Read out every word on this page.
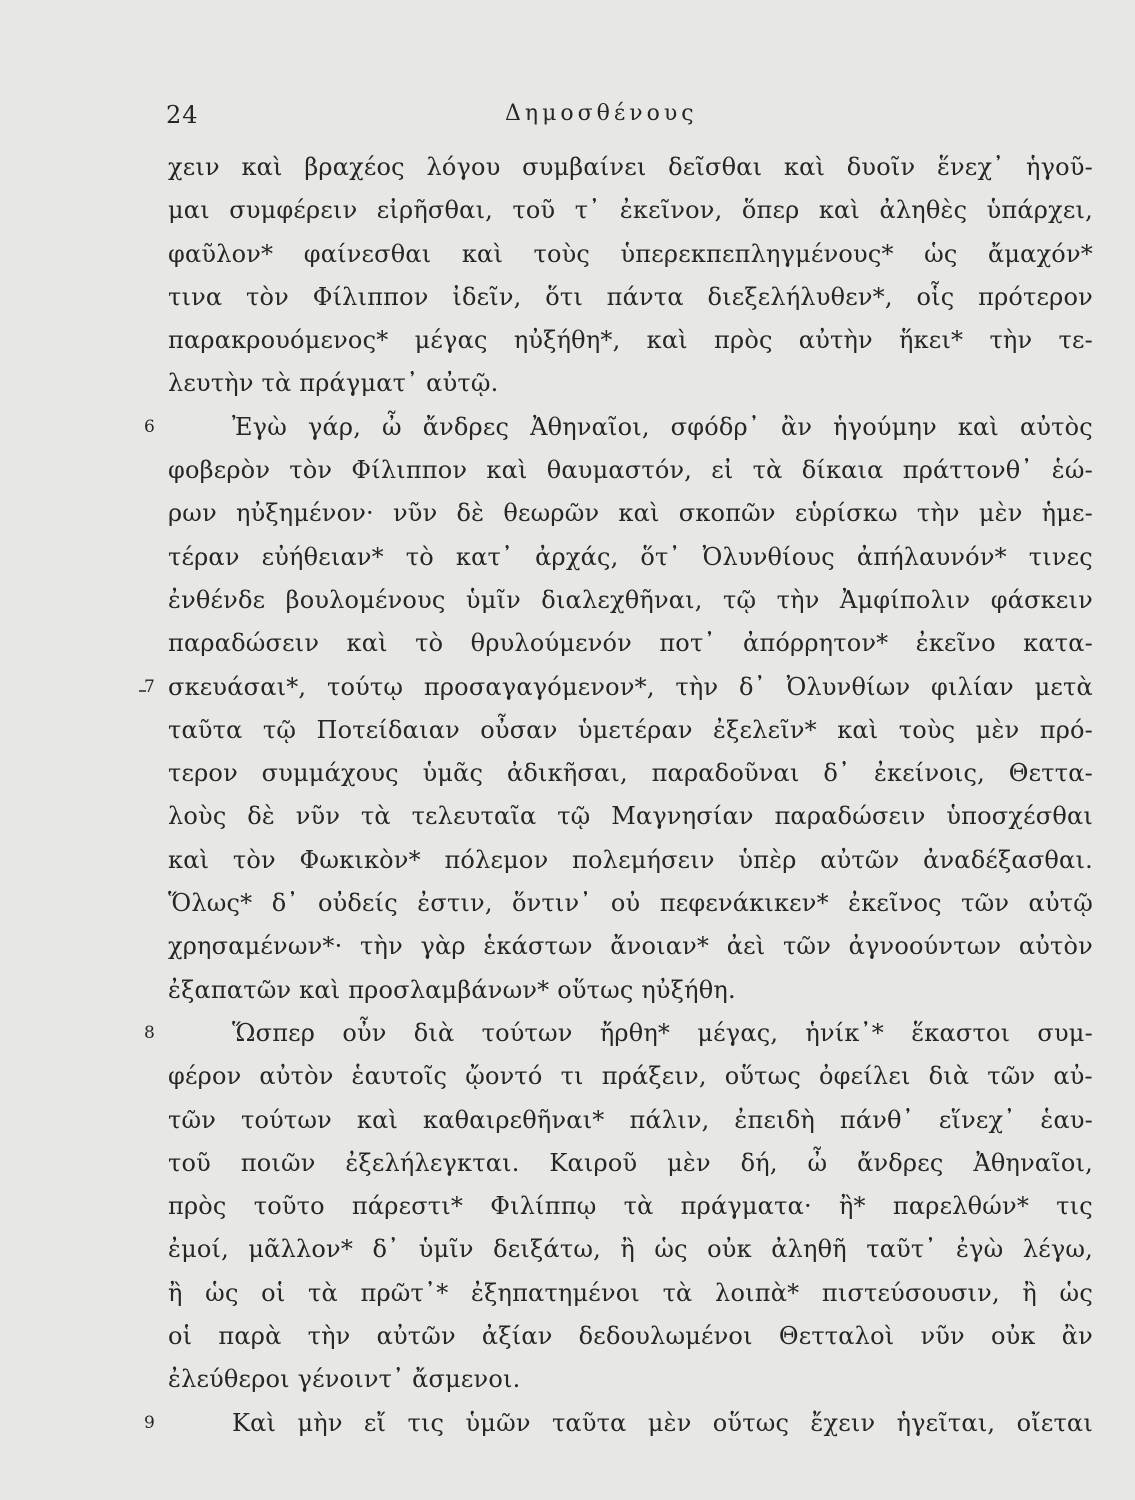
24	Δημοσθένους
χειν καὶ βραχέος λόγου συμβαίνει δεῖσθαι καὶ δυοῖν ἕνεχ᾽ ἡγοῦ-
μαι συμφέρειν εἰρῆσθαι, τοῦ τ᾽ ἐκεῖνον, ὅπερ καὶ ἀληθὲς ὑπάρχει,
φαῦλον* φαίνεσθαι καὶ τοὺς ὑπερεκπεπληγμένους* ὡς ἄμαχόν*
τινα τὸν Φίλιππον ἰδεῖν, ὅτι πάντα διεξελήλυθεν*, οἷς πρότερον
παρακρουόμενος* μέγας ηὐξήθη*, καὶ πρὸς αὐτὴν ἥκει* τὴν τε-
λευτὴν τὰ πράγματ᾽ αὐτῷ.
6	Ἐγὼ γάρ, ὦ ἄνδρες Ἀθηναῖοι, σφόδρ᾽ ἂν ἡγούμην καὶ αὐτὸς
φοβερὸν τὸν Φίλιππον καὶ θαυμαστόν, εἰ τὰ δίκαια πράττονθ᾽ ἑώ-
ρων ηὐξημένον· νῦν δὲ θεωρῶν καὶ σκοπῶν εὑρίσκω τὴν μὲν ἡμε-
τέραν εὐήθειαν* τὸ κατ᾽ ἀρχάς, ὅτ᾽ Ὀλυνθίους ἀπήλαυνόν* τινες
ἐνθένδε βουλομένους ὑμῖν διαλεχθῆναι, τῷ τὴν Ἀμφίπολιν φάσκειν
παραδώσειν καὶ τὸ θρυλούμενόν ποτ᾽ ἀπόρρητον* ἐκεῖνο κατα-
7 σκευάσαι*, τούτῳ προσαγαγόμενον*, τὴν δ᾽ Ὀλυνθίων φιλίαν μετὰ
ταῦτα τῷ Ποτείδαιαν οὖσαν ὑμετέραν ἐξελεῖν* καὶ τοὺς μὲν πρό-
τερον συμμάχους ὑμᾶς ἀδικῆσαι, παραδοῦναι δ᾽ ἐκείνοις, Θεττα-
λοὺς δὲ νῦν τὰ τελευταῖα τῷ Μαγνησίαν παραδώσειν ὑποσχέσθαι
καὶ τὸν Φωκικὸν* πόλεμον πολεμήσειν ὑπὲρ αὐτῶν ἀναδέξασθαι.
Ὅλως* δ᾽ οὐδείς ἐστιν, ὅντιν᾽ οὐ πεφενάκικεν* ἐκεῖνος τῶν αὐτῷ
χρησαμένων*· τὴν γὰρ ἑκάστων ἄνοιαν* ἀεὶ τῶν ἀγνοούντων αὐτὸν
ἐξαπατῶν καὶ προσλαμβάνων* οὕτως ηὐξήθη.
8	Ὥσπερ οὖν διὰ τούτων ἤρθη* μέγας, ἡνίκ᾽* ἕκαστοι συμ-
φέρον αὐτὸν ἑαυτοῖς ᾤοντό τι πράξειν, οὕτως ὀφείλει διὰ τῶν αὐ-
τῶν τούτων καὶ καθαιρεθῆναι* πάλιν, ἐπειδὴ πάνθ᾽ εἵνεχ᾽ ἑαυ-
τοῦ ποιῶν ἐξελήλεγκται. Καιροῦ μὲν δή, ὦ ἄνδρες Ἀθηναῖοι,
πρὸς τοῦτο πάρεστι* Φιλίππῳ τὰ πράγματα· ἢ* παρελθών* τις
ἐμοί, μᾶλλον* δ᾽ ὑμῖν δειξάτω, ἢ ὡς οὐκ ἀληθῆ ταῦτ᾽ ἐγὼ λέγω,
ἢ ὡς οἱ τὰ πρῶτ᾽* ἐξηπατημένοι τὰ λοιπὰ* πιστεύσουσιν, ἢ ὡς
οἱ παρὰ τὴν αὐτῶν ἀξίαν δεδουλωμένοι Θετταλοὶ νῦν οὐκ ἂν
ἐλεύθεροι γένοιντ᾽ ἄσμενοι.
9	Καὶ μὴν εἴ τις ὑμῶν ταῦτα μὲν οὕτως ἔχειν ἡγεῖται, οἴεται
